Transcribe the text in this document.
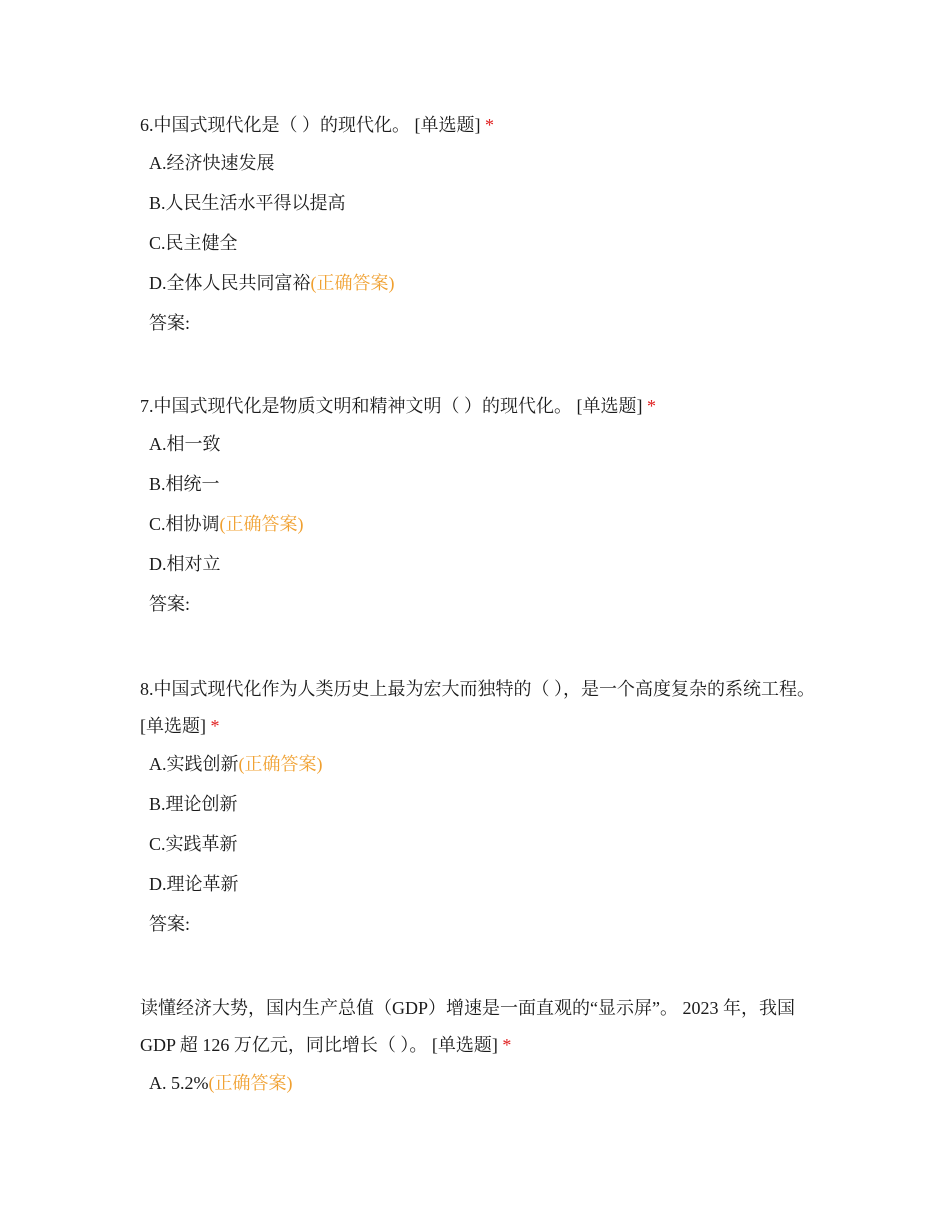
6.中国式现代化是（ ）的现代化。 [单选题] *

A.经济快速发展
B.人民生活水平得以提高
C.民主健全
D.全体人民共同富裕(正确答案)
答案:

7.中国式现代化是物质文明和精神文明（ ）的现代化。 [单选题] *

A.相一致
B.相统一
C.相协调(正确答案)
D.相对立
答案:

8.中国式现代化作为人类历史上最为宏大而独特的（ ），是一个高度复杂的系统工程。 [单选题] *

A.实践创新(正确答案)
B.理论创新
C.实践革新
D.理论革新
答案:

读懂经济大势，国内生产总值（GDP）增速是一面直观的“显示屏”。 2023 年，我国 GDP 超 126 万亿元，同比增长（ ）。 [单选题] *

A. 5.2%(正确答案)
